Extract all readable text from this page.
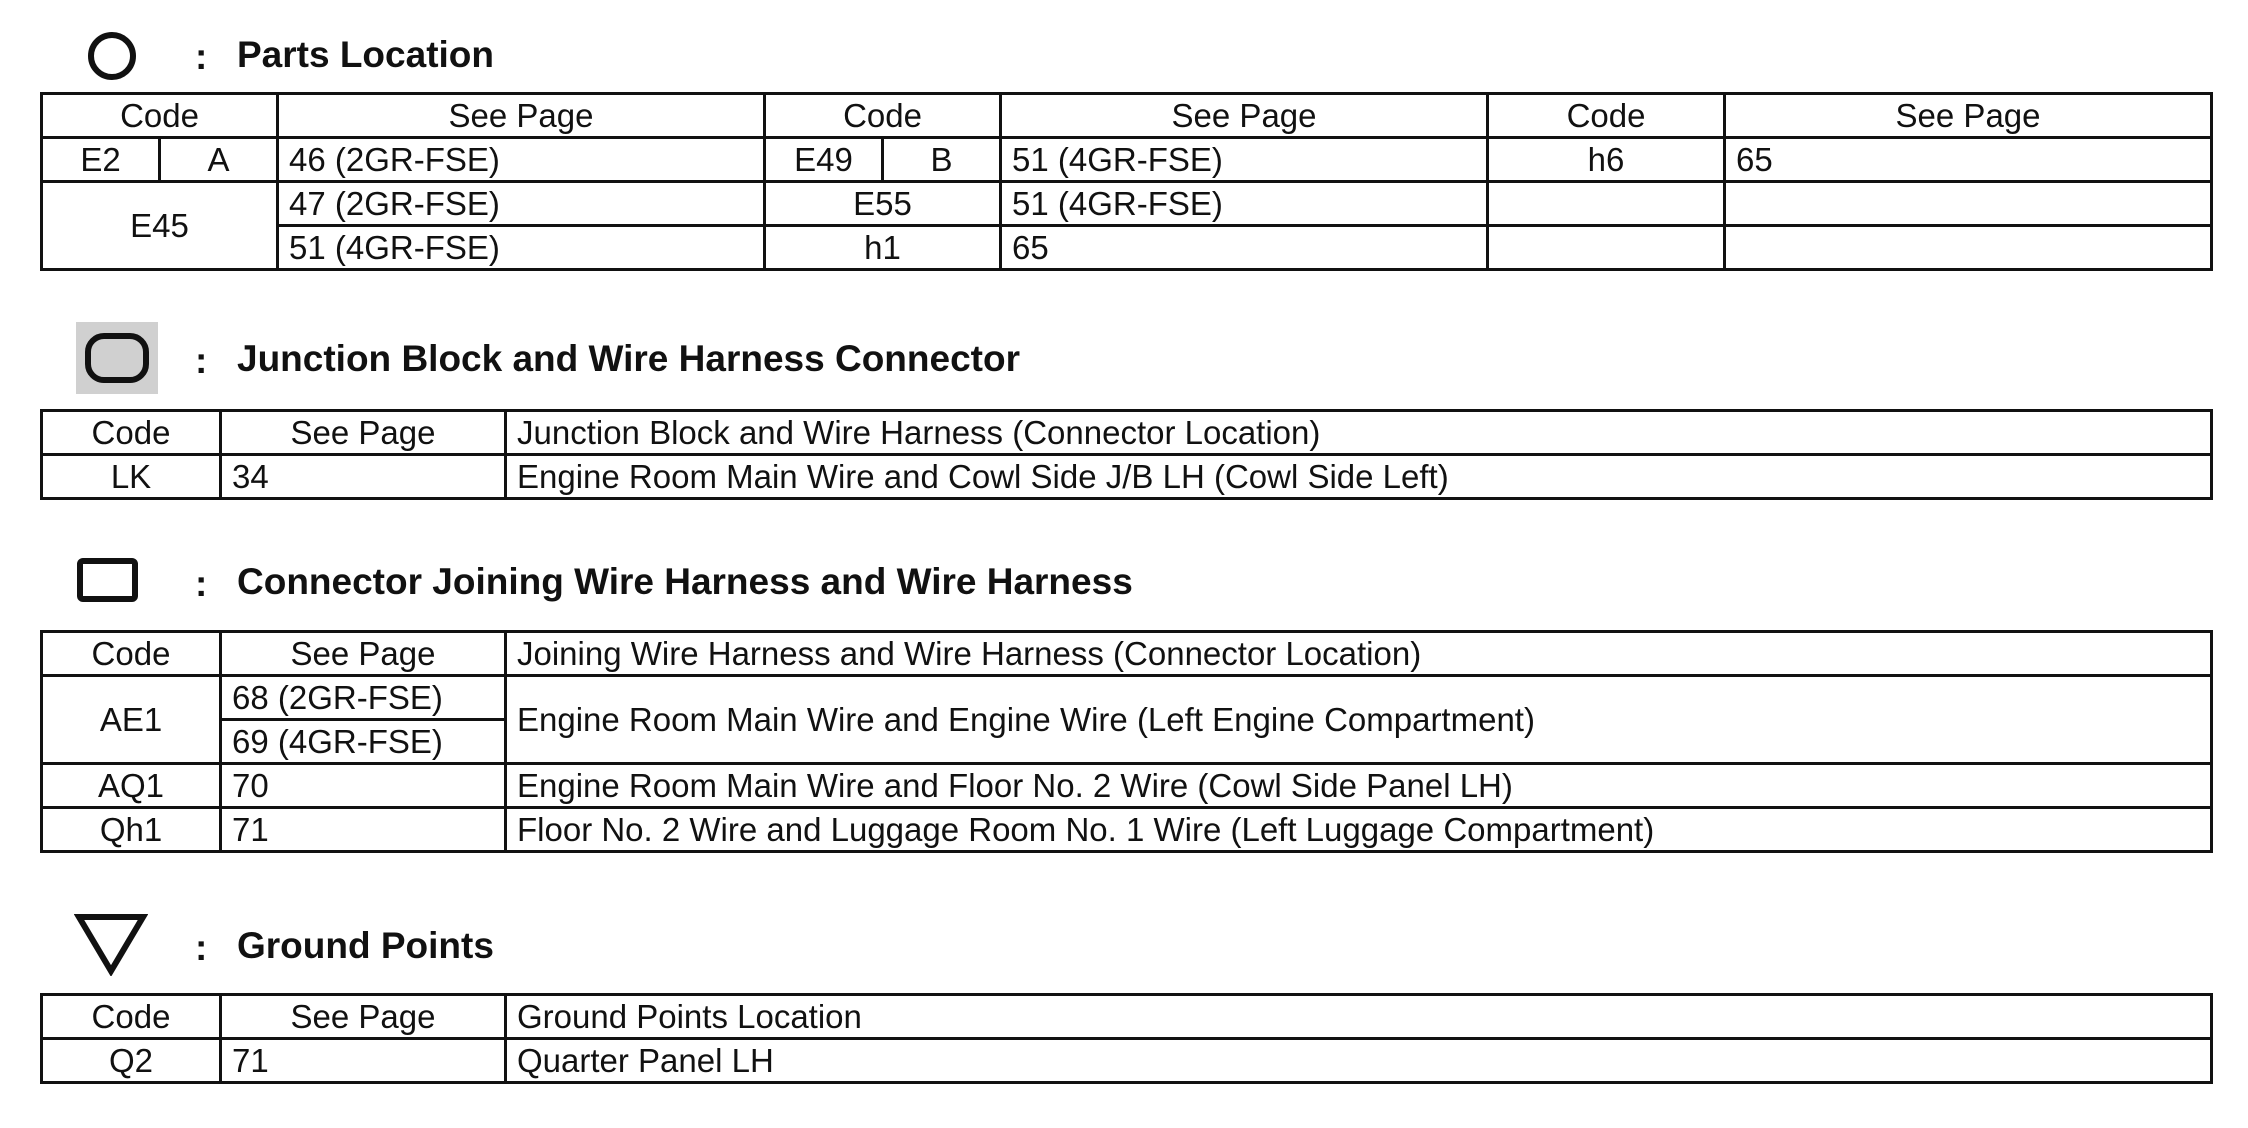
: Parts Location
Code		See Page	Code		See Page	Code	See Page
E2	A	46 (2GR-FSE)	E49	B	51 (4GR-FSE)	h6	65
E45		47 (2GR-FSE)	E55		51 (4GR-FSE)		
		51 (4GR-FSE)	h1		65		
: Junction Block and Wire Harness Connector
Code	See Page	Junction Block and Wire Harness (Connector Location)
LK	34	Engine Room Main Wire and Cowl Side J/B LH (Cowl Side Left)
: Connector Joining Wire Harness and Wire Harness
Code	See Page	Joining Wire Harness and Wire Harness (Connector Location)
AE1	68 (2GR-FSE)	Engine Room Main Wire and Engine Wire (Left Engine Compartment)
	69 (4GR-FSE)	
AQ1	70	Engine Room Main Wire and Floor No. 2 Wire (Cowl Side Panel LH)
Qh1	71	Floor No. 2 Wire and Luggage Room No. 1 Wire (Left Luggage Compartment)
: Ground Points
Code	See Page	Ground Points Location
Q2	71	Quarter Panel LH
